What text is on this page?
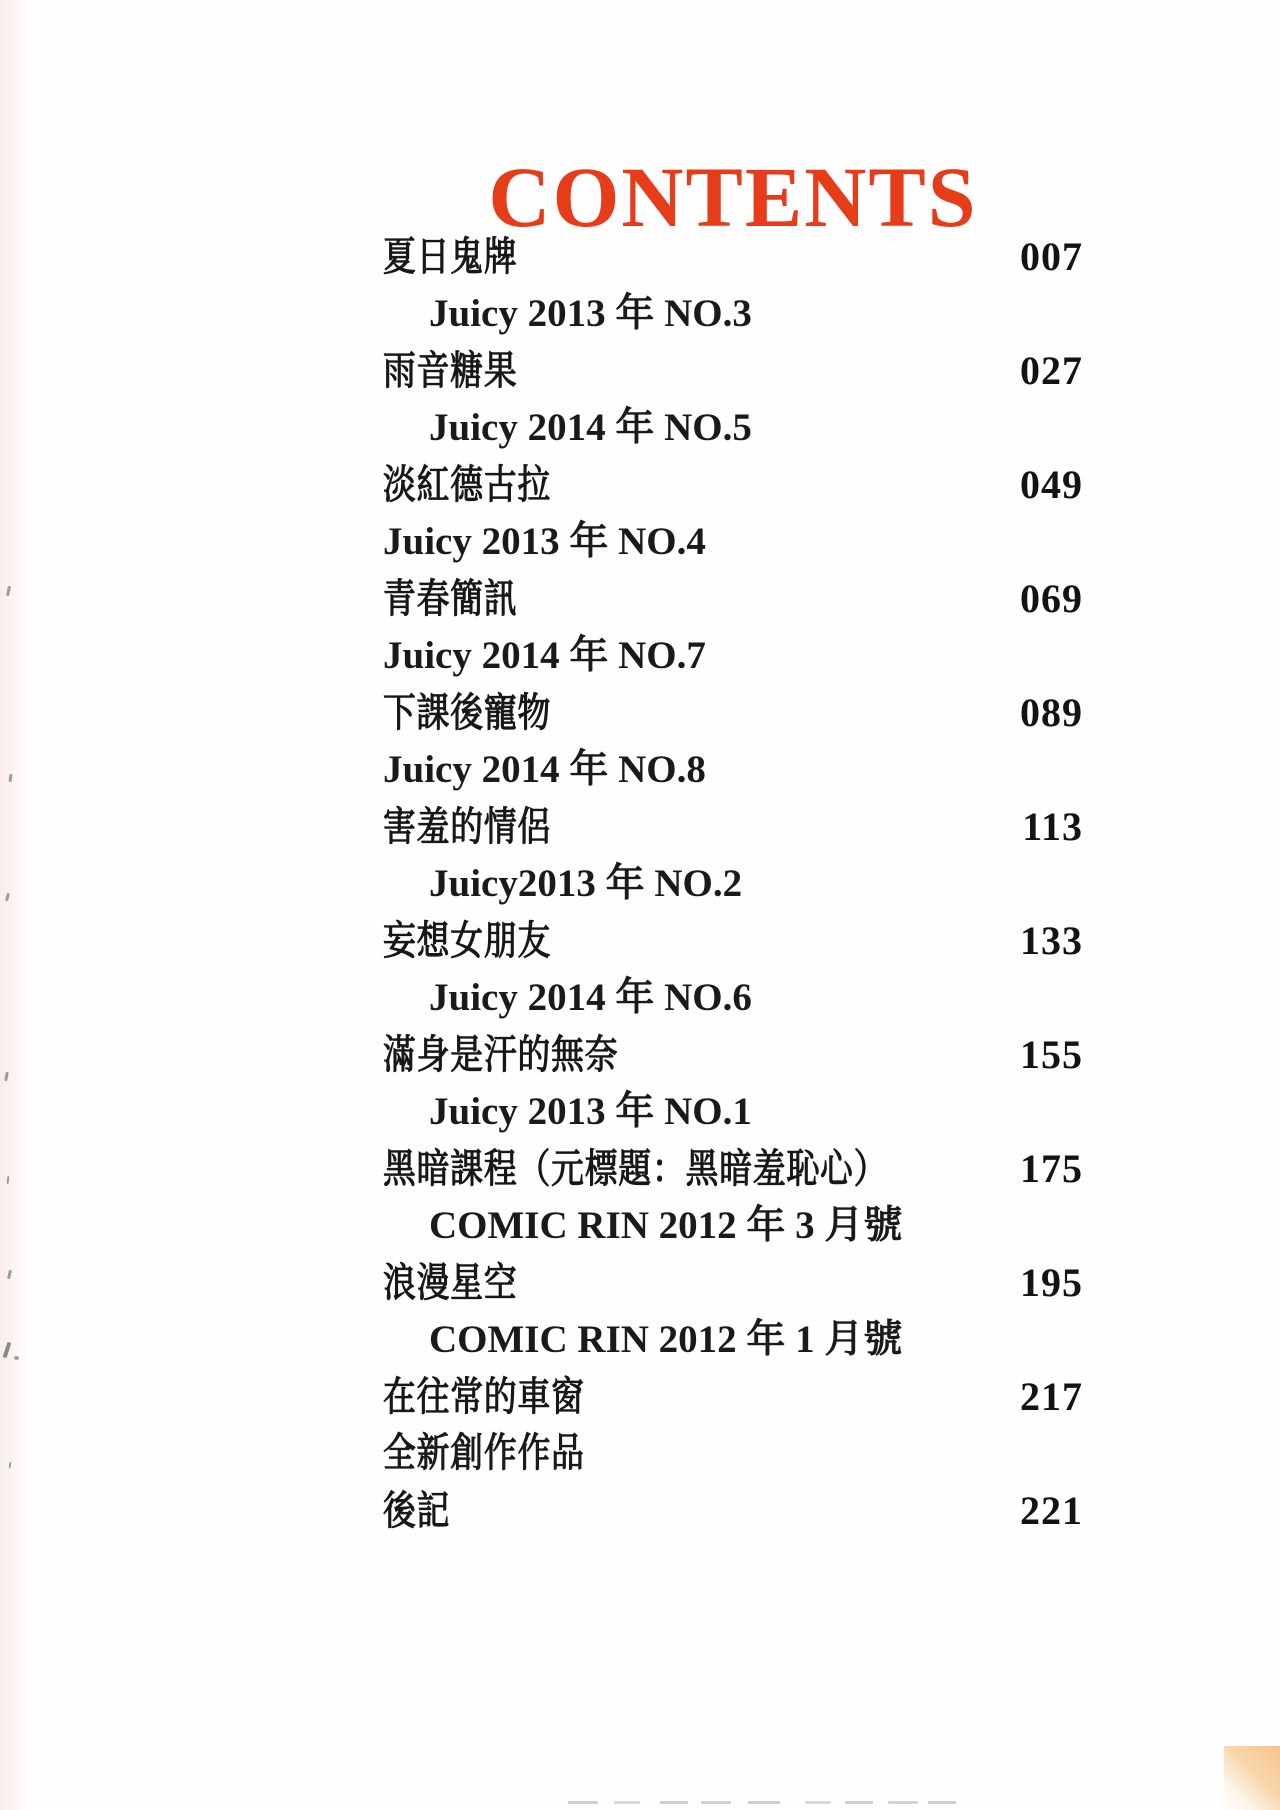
CONTENTS
夏日鬼牌	007
Juicy 2013 年 NO.3
雨音糖果	027
Juicy 2014 年 NO.5
淡紅德古拉	049
Juicy 2013 年 NO.4
青春簡訊	069
Juicy 2014 年 NO.7
下課後寵物	089
Juicy 2014 年 NO.8
害羞的情侶	113
Juicy2013 年 NO.2
妄想女朋友	133
Juicy 2014 年 NO.6
滿身是汗的無奈	155
Juicy 2013 年 NO.1
黑暗課程（元標題：黑暗羞恥心）	175
COMIC RIN 2012 年 3 月號
浪漫星空	195
COMIC RIN 2012 年 1 月號
在往常的車窗	217
全新創作作品
後記	221
